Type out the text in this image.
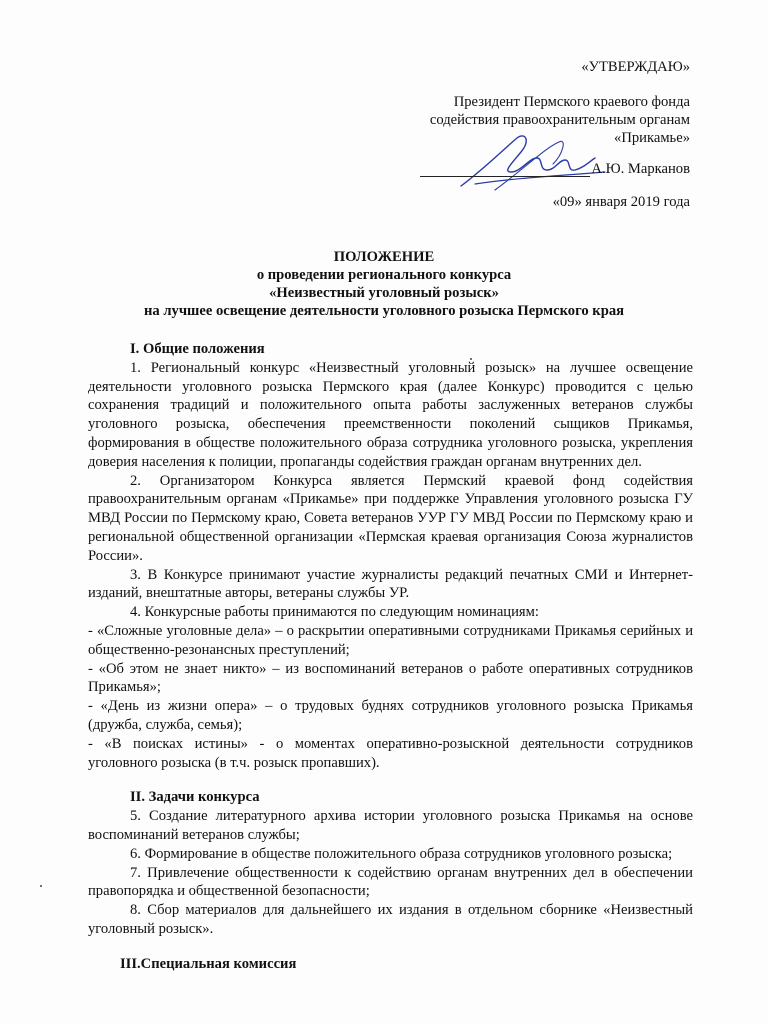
«УТВЕРЖДАЮ»
Президент Пермского краевого фонда
содействия правоохранительным органам
«Прикамье»
А.Ю. Марканов
«09» января 2019 года
ПОЛОЖЕНИЕ
о проведении регионального конкурса
«Неизвестный уголовный розыск»
на лучшее освещение деятельности уголовного розыска Пермского края

I. Общие положения

1. Региональный конкурс «Неизвестный уголовный розыск» на лучшее освещение деятельности уголовного розыска Пермского края (далее Конкурс) проводится с целью сохранения традиций и положительного опыта работы заслуженных ветеранов службы уголовного розыска, обеспечения преемственности поколений сыщиков Прикамья, формирования в обществе положительного образа сотрудника уголовного розыска, укрепления доверия населения к полиции, пропаганды содействия граждан органам внутренних дел.

2. Организатором Конкурса является Пермский краевой фонд содействия правоохранительным органам «Прикамье» при поддержке Управления уголовного розыска ГУ МВД России по Пермскому краю, Совета ветеранов УУР ГУ МВД России по Пермскому краю и региональной общественной организации «Пермская краевая организация Союза журналистов России».

3. В Конкурсе принимают участие журналисты редакций печатных СМИ и Интернет-изданий, внештатные авторы, ветераны службы УР.

4. Конкурсные работы принимаются по следующим номинациям:

- «Сложные уголовные дела» – о раскрытии оперативными сотрудниками Прикамья серийных и общественно-резонансных преступлений;

- «Об этом не знает никто» – из воспоминаний ветеранов о работе оперативных сотрудников Прикамья»;

- «День из жизни опера» – о трудовых буднях сотрудников уголовного розыска Прикамья (дружба, служба, семья);

- «В поисках истины» - о моментах оперативно-розыскной деятельности сотрудников уголовного розыска (в т.ч. розыск пропавших).

II. Задачи конкурса

5. Создание литературного архива истории уголовного розыска Прикамья на основе воспоминаний ветеранов службы;

6. Формирование в обществе положительного образа сотрудников уголовного розыска;

7. Привлечение общественности к содействию органам внутренних дел в обеспечении правопорядка и общественной безопасности;

8. Сбор материалов для дальнейшего их издания в отдельном сборнике «Неизвестный уголовный розыск».

III.Специальная комиссия
